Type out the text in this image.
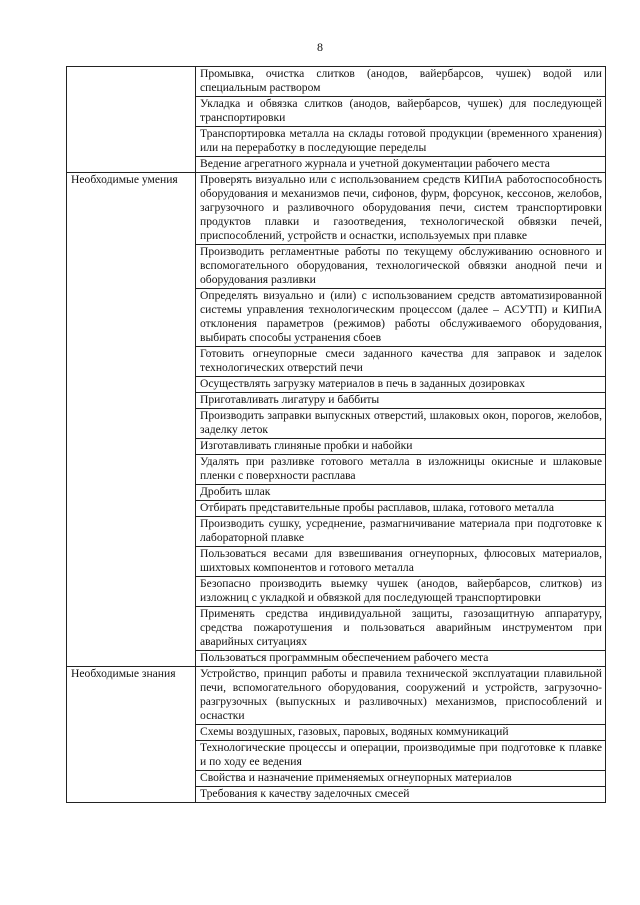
8
	Промывка, очистка слитков (анодов, вайербарсов, чушек) водой или специальным раствором
	Укладка и обвязка слитков (анодов, вайербарсов, чушек) для последующей транспортировки
	Транспортировка металла на склады готовой продукции (временного хранения) или на переработку в последующие переделы
	Ведение агрегатного журнала и учетной документации рабочего места
Необходимые умения	Проверять визуально или с использованием средств КИПиА работоспособность оборудования и механизмов печи, сифонов, фурм, форсунок, кессонов, желобов, загрузочного и разливочного оборудования печи, систем транспортировки продуктов плавки и газоотведения, технологической обвязки печей, приспособлений, устройств и оснастки, используемых при плавке
	Производить регламентные работы по текущему обслуживанию основного и вспомогательного оборудования, технологической обвязки анодной печи и оборудования разливки
	Определять визуально и (или) с использованием средств автоматизированной системы управления технологическим процессом (далее – АСУТП) и КИПиА отклонения параметров (режимов) работы обслуживаемого оборудования, выбирать способы устранения сбоев
	Готовить огнеупорные смеси заданного качества для заправок и заделок технологических отверстий печи
	Осуществлять загрузку материалов в печь в заданных дозировках
	Приготавливать лигатуру и баббиты
	Производить заправки выпускных отверстий, шлаковых окон, порогов, желобов, заделку леток
	Изготавливать глиняные пробки и набойки
	Удалять при разливке готового металла в изложницы окисные и шлаковые пленки с поверхности расплава
	Дробить шлак
	Отбирать представительные пробы расплавов, шлака, готового металла
	Производить сушку, усреднение, размагничивание материала при подготовке к лабораторной плавке
	Пользоваться весами для взвешивания огнеупорных, флюсовых материалов, шихтовых компонентов и готового металла
	Безопасно производить выемку чушек (анодов, вайербарсов, слитков) из изложниц с укладкой и обвязкой для последующей транспортировки
	Применять средства индивидуальной защиты, газозащитную аппаратуру, средства пожаротушения и пользоваться аварийным инструментом при аварийных ситуациях
	Пользоваться программным обеспечением рабочего места
Необходимые знания	Устройство, принцип работы и правила технической эксплуатации плавильной печи, вспомогательного оборудования, сооружений и устройств, загрузочно-разгрузочных (выпускных и разливочных) механизмов, приспособлений и оснастки
	Схемы воздушных, газовых, паровых, водяных коммуникаций
	Технологические процессы и операции, производимые при подготовке к плавке и по ходу ее ведения
	Свойства и назначение применяемых огнеупорных материалов
	Требования к качеству заделочных смесей
